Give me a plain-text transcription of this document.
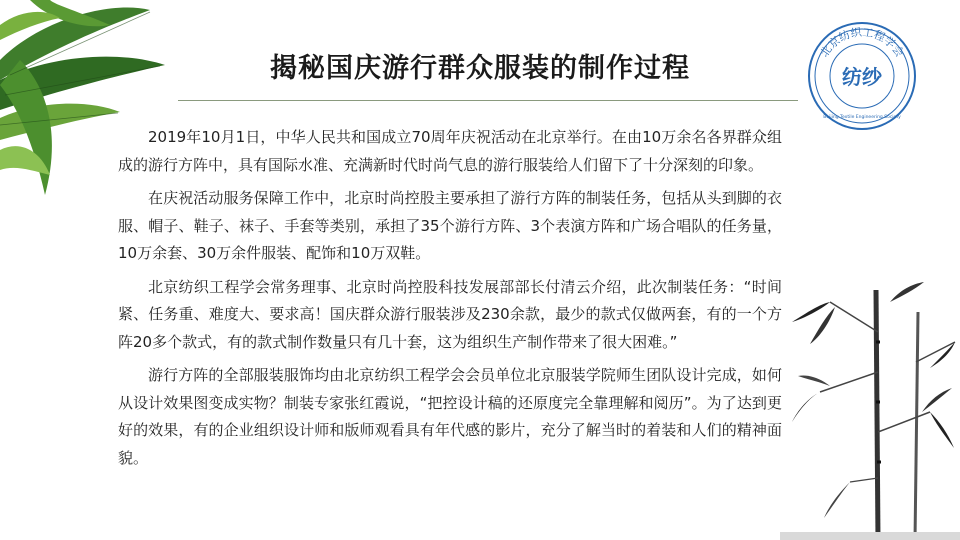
揭秘国庆游行群众服装的制作过程
北京纺织工程学会
纺纱
Beijing Textile Engineering Society

2019年10月1日，中华人民共和国成立70周年庆祝活动在北京举行。在由10万余名各界群众组成的游行方阵中，具有国际水准、充满新时代时尚气息的游行服装给人们留下了十分深刻的印象。

在庆祝活动服务保障工作中，北京时尚控股主要承担了游行方阵的制装任务，包括从头到脚的衣服、帽子、鞋子、袜子、手套等类别，承担了35个游行方阵、3个表演方阵和广场合唱队的任务量，10万余套、30万余件服装、配饰和10万双鞋。

北京纺织工程学会常务理事、北京时尚控股科技发展部部长付清云介绍，此次制装任务：“时间紧、任务重、难度大、要求高！国庆群众游行服装涉及230余款，最少的款式仅做两套，有的一个方阵20多个款式，有的款式制作数量只有几十套，这为组织生产制作带来了很大困难。”

游行方阵的全部服装服饰均由北京纺织工程学会会员单位北京服装学院师生团队设计完成，如何从设计效果图变成实物？制装专家张红霞说，“把控设计稿的还原度完全靠理解和阅历”。为了达到更好的效果，有的企业组织设计师和版师观看具有年代感的影片，充分了解当时的着装和人们的精神面貌。
